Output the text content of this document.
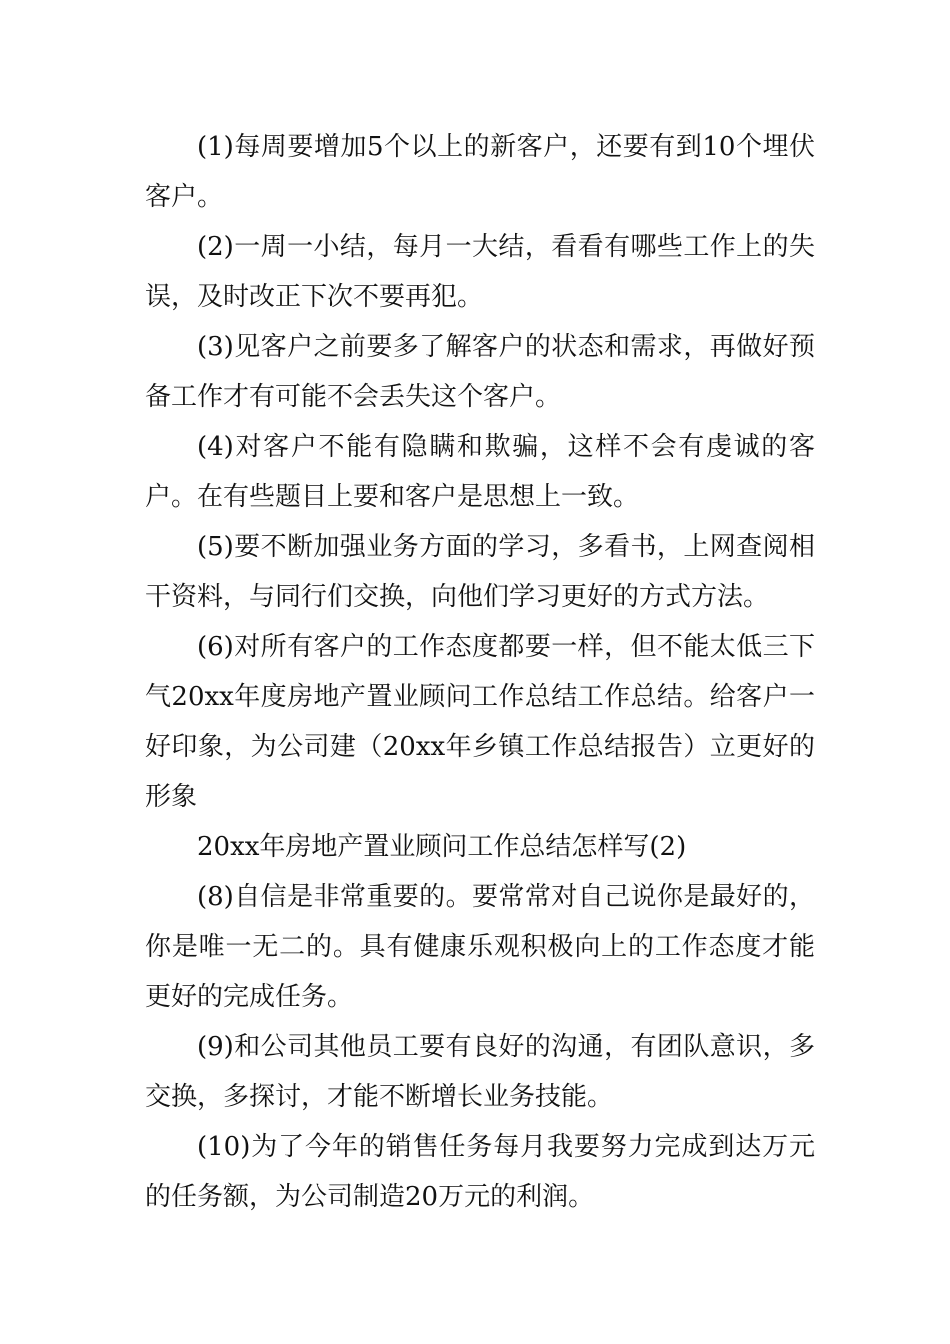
(1)每周要增加5个以上的新客户，还要有到10个埋伏客户。

(2)一周一小结，每月一大结，看看有哪些工作上的失误，及时改正下次不要再犯。

(3)见客户之前要多了解客户的状态和需求，再做好预备工作才有可能不会丢失这个客户。

(4)对客户不能有隐瞒和欺骗，这样不会有虔诚的客户。在有些题目上要和客户是思想上一致。

(5)要不断加强业务方面的学习，多看书，上网查阅相干资料，与同行们交换，向他们学习更好的方式方法。

(6)对所有客户的工作态度都要一样，但不能太低三下气20xx年度房地产置业顾问工作总结工作总结。给客户一好印象，为公司建（20xx年乡镇工作总结报告）立更好的形象

20xx年房地产置业顾问工作总结怎样写(2)

(8)自信是非常重要的。要常常对自己说你是最好的，你是唯一无二的。具有健康乐观积极向上的工作态度才能更好的完成任务。

(9)和公司其他员工要有良好的沟通，有团队意识，多交换，多探讨，才能不断增长业务技能。

(10)为了今年的销售任务每月我要努力完成到达万元的任务额，为公司制造20万元的利润。
